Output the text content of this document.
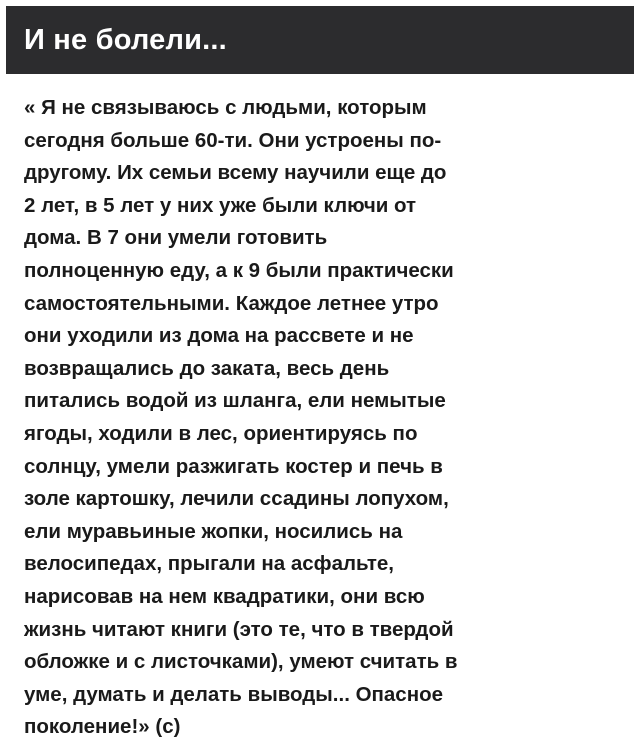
И не болели...

« Я не связываюсь с людьми, которым
сегодня больше 60-ти. Они устроены по-
другому. Их семьи всему научили еще до
2 лет, в 5 лет у них уже были ключи от
дома. В 7 они умели готовить
полноценную еду, а к 9 были практически
самостоятельными. Каждое летнее утро
они уходили из дома на рассвете и не
возвращались до заката, весь день
питались водой из шланга, ели немытые
ягоды, ходили в лес, ориентируясь по
солнцу, умели разжигать костер и печь в
золе картошку, лечили ссадины лопухом,
ели муравьиные жопки, носились на
велосипедах, прыгали на асфальте,
нарисовав на нем квадратики, они всю
жизнь читают книги (это те, что в твердой
обложке и с листочками), умеют считать в
уме, думать и делать выводы... Опасное
поколение!» (с)
